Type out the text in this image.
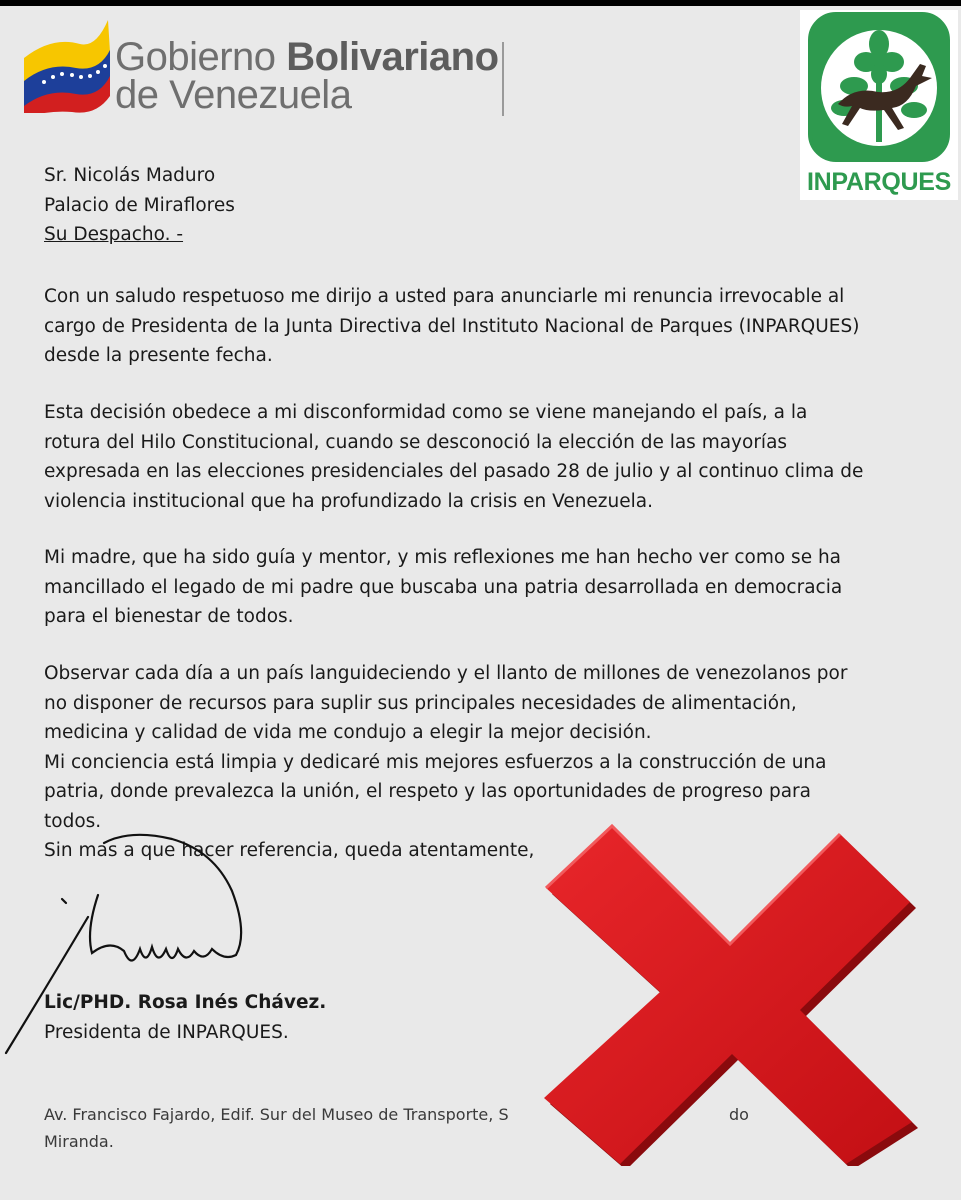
Gobierno Bolivariano
de Venezuela
INPARQUES
Sr. Nicolás Maduro
Palacio de Miraflores
Su Despacho. -
Con un saludo respetuoso me dirijo a usted para anunciarle mi renuncia irrevocable al
cargo de Presidenta de la Junta Directiva del Instituto Nacional de Parques (INPARQUES)
desde la presente fecha.
Esta decisión obedece a mi disconformidad como se viene manejando el país, a la
rotura del Hilo Constitucional, cuando se desconoció la elección de las mayorías
expresada en las elecciones presidenciales del pasado 28 de julio y al continuo clima de
violencia institucional que ha profundizado la crisis en Venezuela.
Mi madre, que ha sido guía y mentor, y mis reflexiones me han hecho ver como se ha
mancillado el legado de mi padre que buscaba una patria desarrollada en democracia
para el bienestar de todos.
Observar cada día a un país languideciendo y el llanto de millones de venezolanos por
no disponer de recursos para suplir sus principales necesidades de alimentación,
medicina y calidad de vida me condujo a elegir la mejor decisión.
Mi conciencia está limpia y dedicaré mis mejores esfuerzos a la construcción de una
patria, donde prevalezca la unión, el respeto y las oportunidades de progreso para
todos.
Sin mas a que hacer referencia, queda atentamente,
Lic/PHD. Rosa Inés Chávez.
Presidenta de INPARQUES.
Av. Francisco Fajardo, Edif. Sur del Museo de Transporte, S	do
Miranda.
